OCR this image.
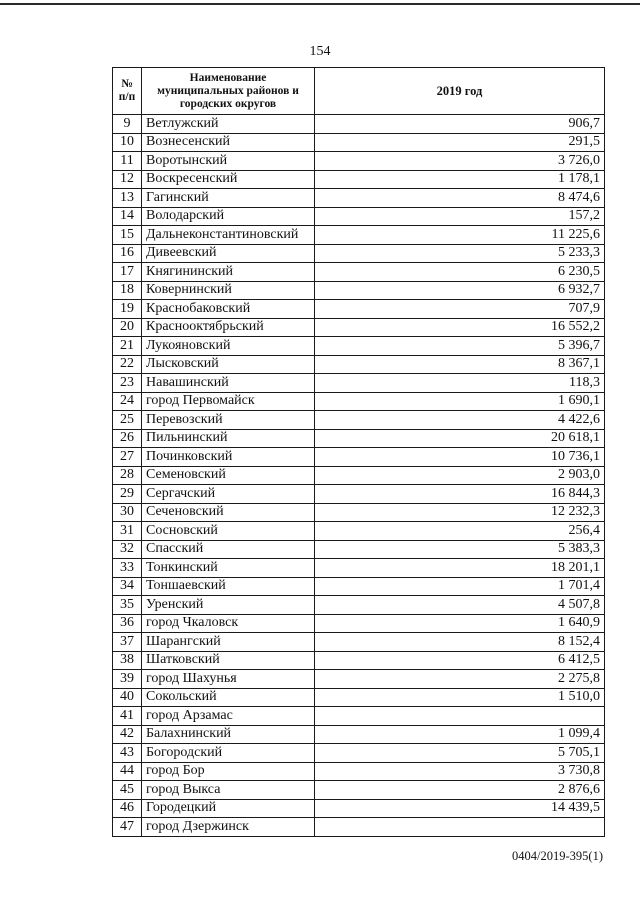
154
№ п/п	Наименование муниципальных районов и городских округов	2019 год
9	Ветлужский	906,7
10	Вознесенский	291,5
11	Воротынский	3 726,0
12	Воскресенский	1 178,1
13	Гагинский	8 474,6
14	Володарский	157,2
15	Дальнеконстантиновский	11 225,6
16	Дивеевский	5 233,3
17	Княгининский	6 230,5
18	Ковернинский	6 932,7
19	Краснобаковский	707,9
20	Краснооктябрьский	16 552,2
21	Лукояновский	5 396,7
22	Лысковский	8 367,1
23	Навашинский	118,3
24	город Первомайск	1 690,1
25	Перевозский	4 422,6
26	Пильнинский	20 618,1
27	Починковский	10 736,1
28	Семеновский	2 903,0
29	Сергачский	16 844,3
30	Сеченовский	12 232,3
31	Сосновский	256,4
32	Спасский	5 383,3
33	Тонкинский	18 201,1
34	Тоншаевский	1 701,4
35	Уренский	4 507,8
36	город Чкаловск	1 640,9
37	Шарангский	8 152,4
38	Шатковский	6 412,5
39	город Шахунья	2 275,8
40	Сокольский	1 510,0
41	город Арзамас	
42	Балахнинский	1 099,4
43	Богородский	5 705,1
44	город Бор	3 730,8
45	город Выкса	2 876,6
46	Городецкий	14 439,5
47	город Дзержинск	
0404/2019-395(1)
